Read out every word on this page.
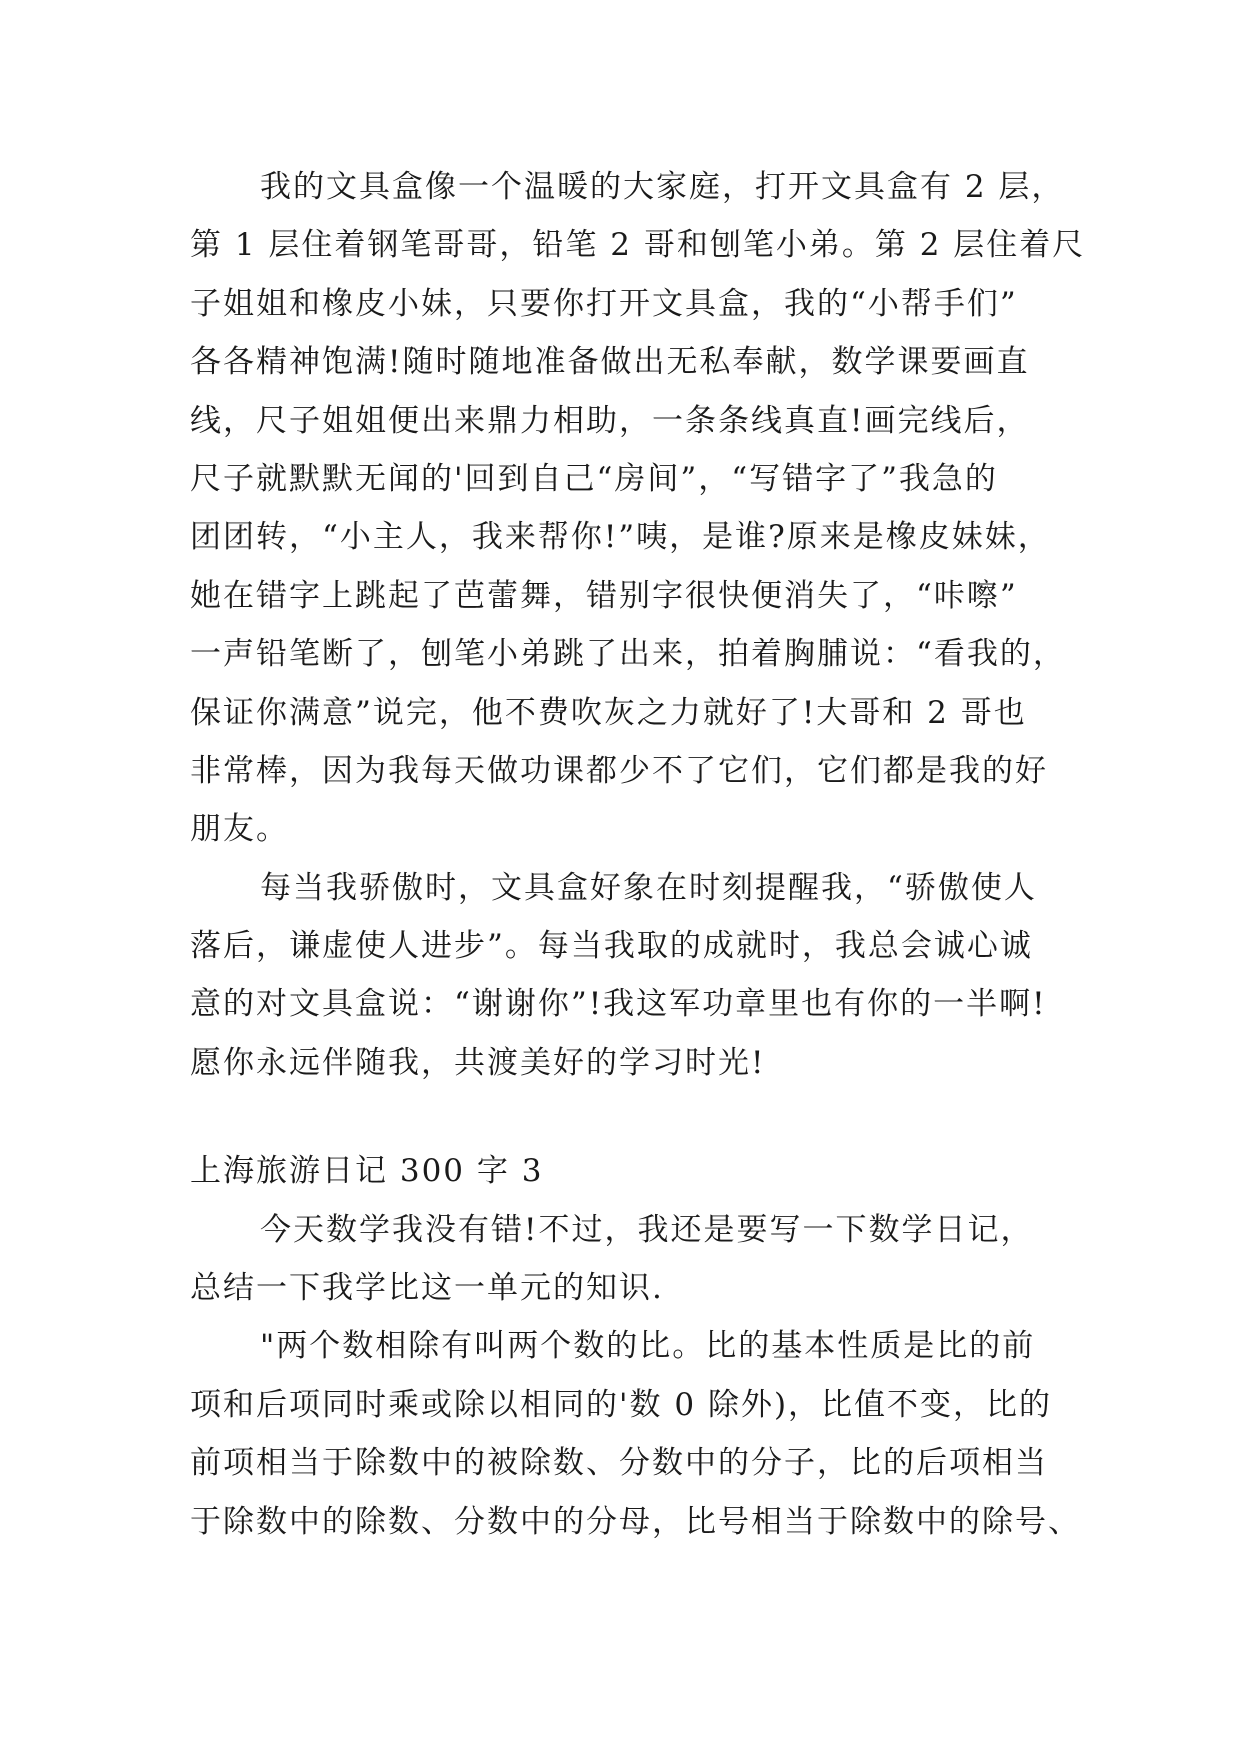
我的文具盒像一个温暖的大家庭，打开文具盒有 2 层，
第 1 层住着钢笔哥哥，铅笔 2 哥和刨笔小弟。第 2 层住着尺
子姐姐和橡皮小妹，只要你打开文具盒，我的“小帮手们”
各各精神饱满!随时随地准备做出无私奉献，数学课要画直
线，尺子姐姐便出来鼎力相助，一条条线真直!画完线后，
尺子就默默无闻的'回到自己“房间”，“写错字了”我急的
团团转，“小主人，我来帮你!”咦，是谁?原来是橡皮妹妹，
她在错字上跳起了芭蕾舞，错别字很快便消失了，“咔嚓”
一声铅笔断了，刨笔小弟跳了出来，拍着胸脯说：“看我的，
保证你满意”说完，他不费吹灰之力就好了!大哥和 2 哥也
非常棒，因为我每天做功课都少不了它们，它们都是我的好
朋友。
每当我骄傲时，文具盒好象在时刻提醒我，“骄傲使人
落后，谦虚使人进步”。每当我取的成就时，我总会诚心诚
意的对文具盒说：“谢谢你”!我这军功章里也有你的一半啊!
愿你永远伴随我，共渡美好的学习时光!
上海旅游日记 300 字 3
今天数学我没有错!不过，我还是要写一下数学日记，
总结一下我学比这一单元的知识.
"两个数相除有叫两个数的比。比的基本性质是比的前
项和后项同时乘或除以相同的'数 0 除外)，比值不变，比的
前项相当于除数中的被除数、分数中的分子，比的后项相当
于除数中的除数、分数中的分母，比号相当于除数中的除号、
